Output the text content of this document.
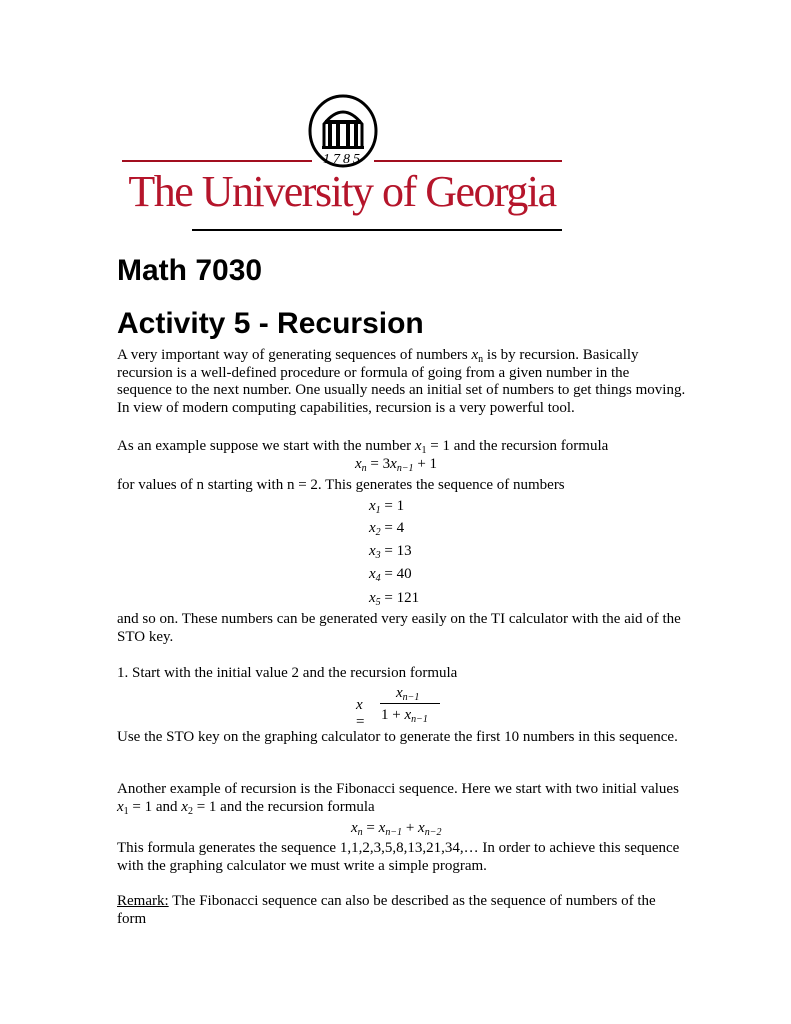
1785
The University of Georgia
Math 7030
Activity 5 - Recursion

A very important way of generating sequences of numbers $x_n$ is by recursion. Basically recursion is a well-defined procedure or formula of going from a given number in the sequence to the next number. One usually needs an initial set of numbers to get things moving. In view of modern computing capabilities, recursion is a very powerful tool.

As an example suppose we start with the number $x_1 = 1$ and the recursion formula

$x_n = 3x_{n-1} + 1$

for values of n starting with n = 2. This generates the sequence of numbers

$x_1 = 1$
$x_2 = 4$
$x_3 = 13$
$x_4 = 40$
$x_5 = 121$

and so on. These numbers can be generated very easily on the TI calculator with the aid of the STO key.

1. Start with the initial value 2 and the recursion formula

x =
$x_{n-1}$
$1 + x_{n-1}$

Use the STO key on the graphing calculator to generate the first 10 numbers in this sequence.

Another example of recursion is the Fibonacci sequence. Here we start with two initial values $x_1 = 1$ and $x_2 = 1$ and the recursion formula

$x_n = x_{n-1} + x_{n-2}$

This formula generates the sequence 1,1,2,3,5,8,13,21,34,… In order to achieve this sequence with the graphing calculator we must write a simple program.

Remark: The Fibonacci sequence can also be described as the sequence of numbers of the form
